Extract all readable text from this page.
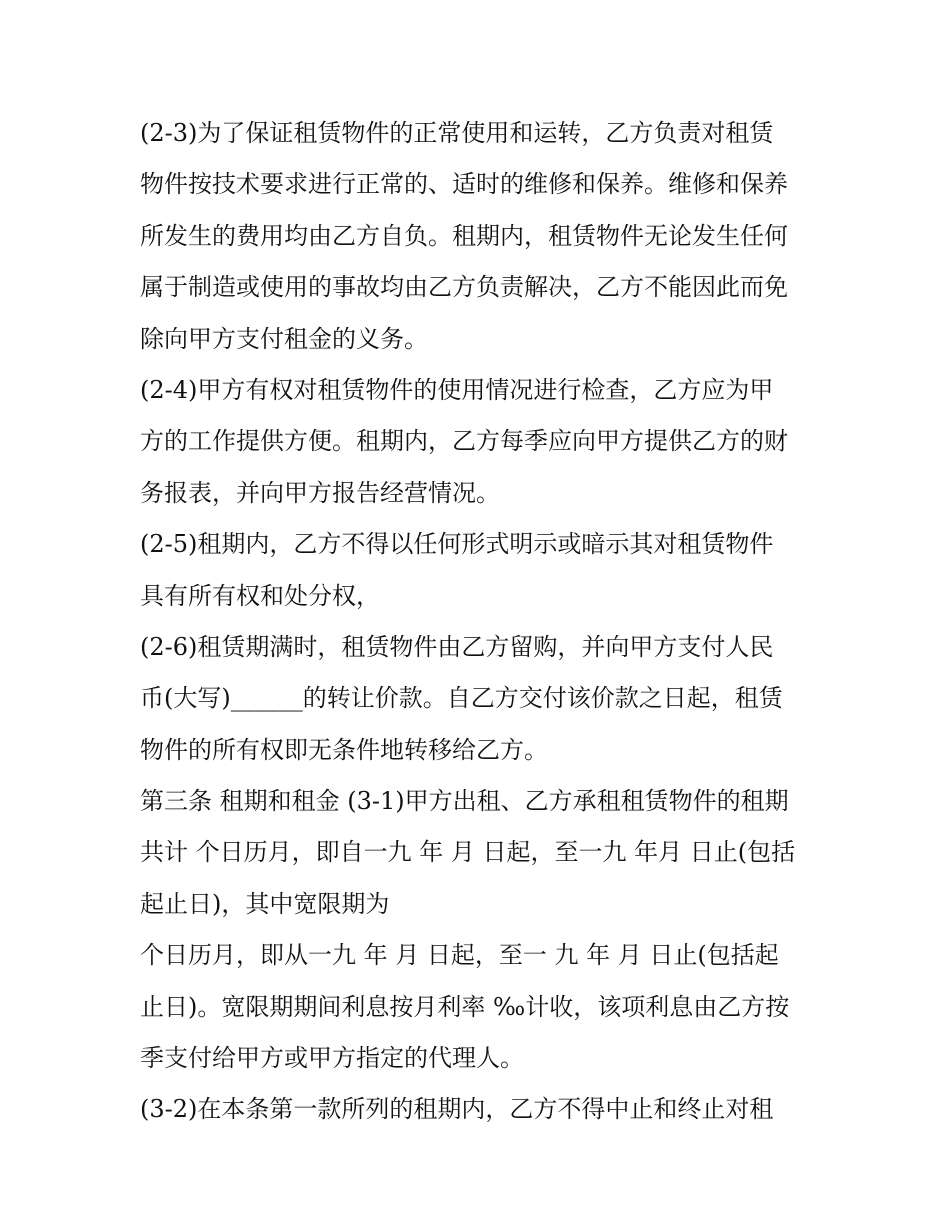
(2-3)为了保证租赁物件的正常使用和运转，乙方负责对租赁
物件按技术要求进行正常的、适时的维修和保养。维修和保养
所发生的费用均由乙方自负。租期内，租赁物件无论发生任何
属于制造或使用的事故均由乙方负责解决，乙方不能因此而免
除向甲方支付租金的义务。
(2-4)甲方有权对租赁物件的使用情况进行检查，乙方应为甲
方的工作提供方便。租期内，乙方每季应向甲方提供乙方的财
务报表，并向甲方报告经营情况。
(2-5)租期内，乙方不得以任何形式明示或暗示其对租赁物件
具有所有权和处分权，
(2-6)租赁期满时，租赁物件由乙方留购，并向甲方支付人民
币(大写)______的转让价款。自乙方交付该价款之日起，租赁
物件的所有权即无条件地转移给乙方。
第三条 租期和租金 (3-1)甲方出租、乙方承租租赁物件的租期
共计 个日历月，即自一九 年 月 日起，至一九 年月 日止(包括
起止日)，其中宽限期为
个日历月，即从一九 年 月 日起，至一 九 年 月 日止(包括起
止日)。宽限期期间利息按月利率 ‰计收，该项利息由乙方按
季支付给甲方或甲方指定的代理人。
(3-2)在本条第一款所列的租期内，乙方不得中止和终止对租
